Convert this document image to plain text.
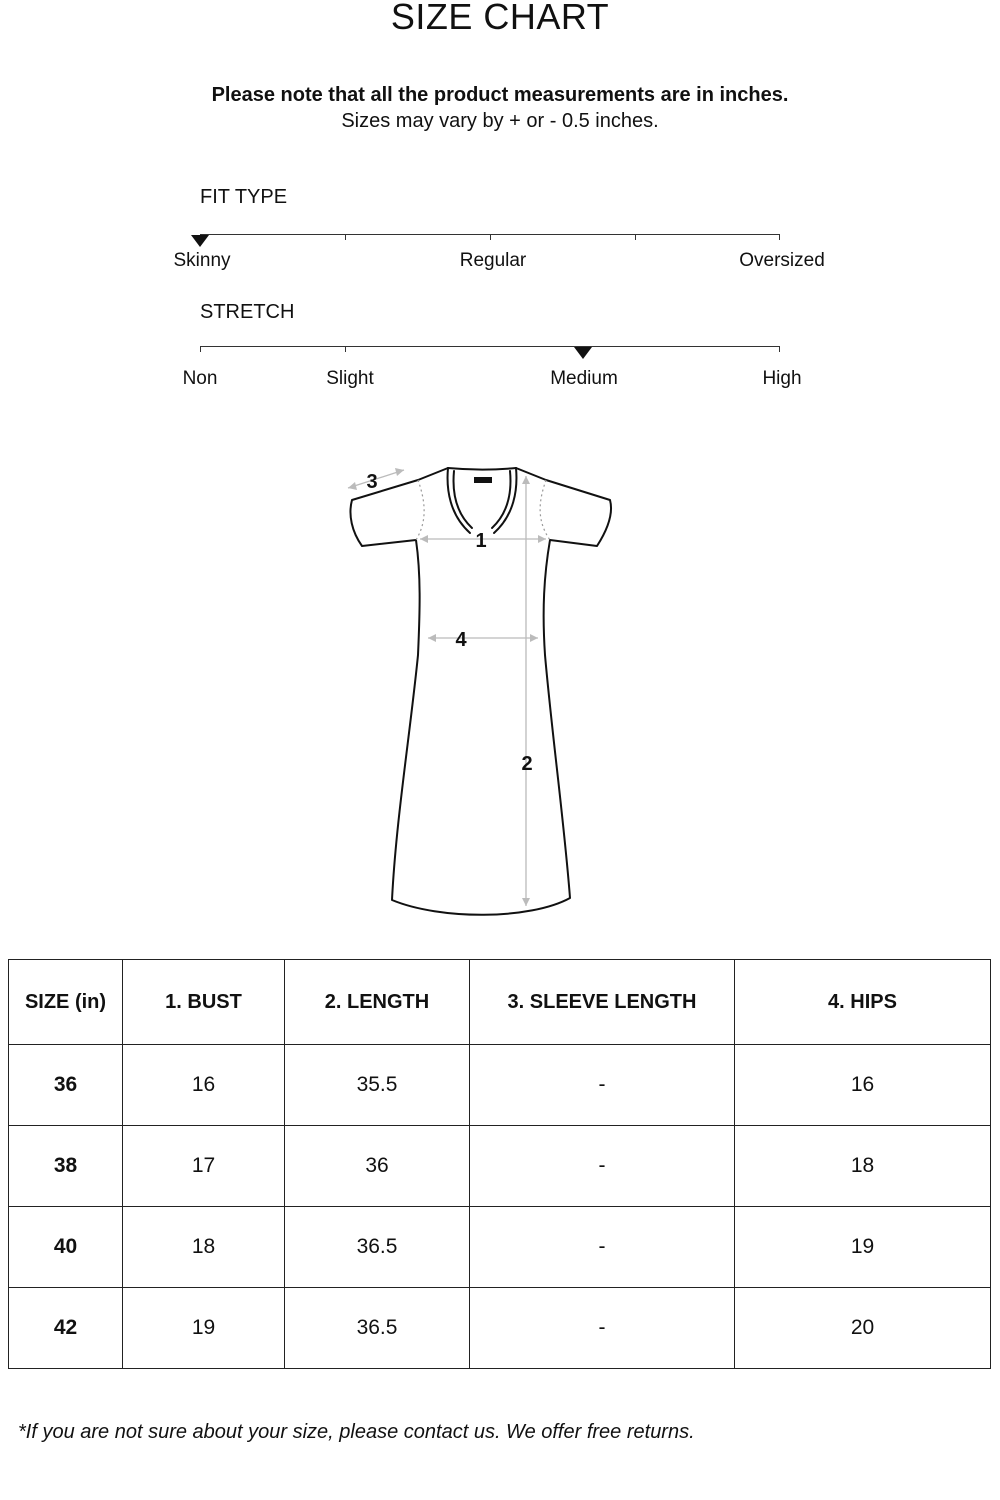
SIZE CHART
Please note that all the product measurements are in inches.
Sizes may vary by + or - 0.5 inches.
FIT TYPE
Skinny	Regular	Oversized
STRETCH
Non	Slight	Medium	High
1
2
3
4
SIZE (in)	1. BUST	2. LENGTH	3. SLEEVE LENGTH	4. HIPS
36	16	35.5	-	16
38	17	36	-	18
40	18	36.5	-	19
42	19	36.5	-	20
*If you are not sure about your size, please contact us. We offer free returns.
